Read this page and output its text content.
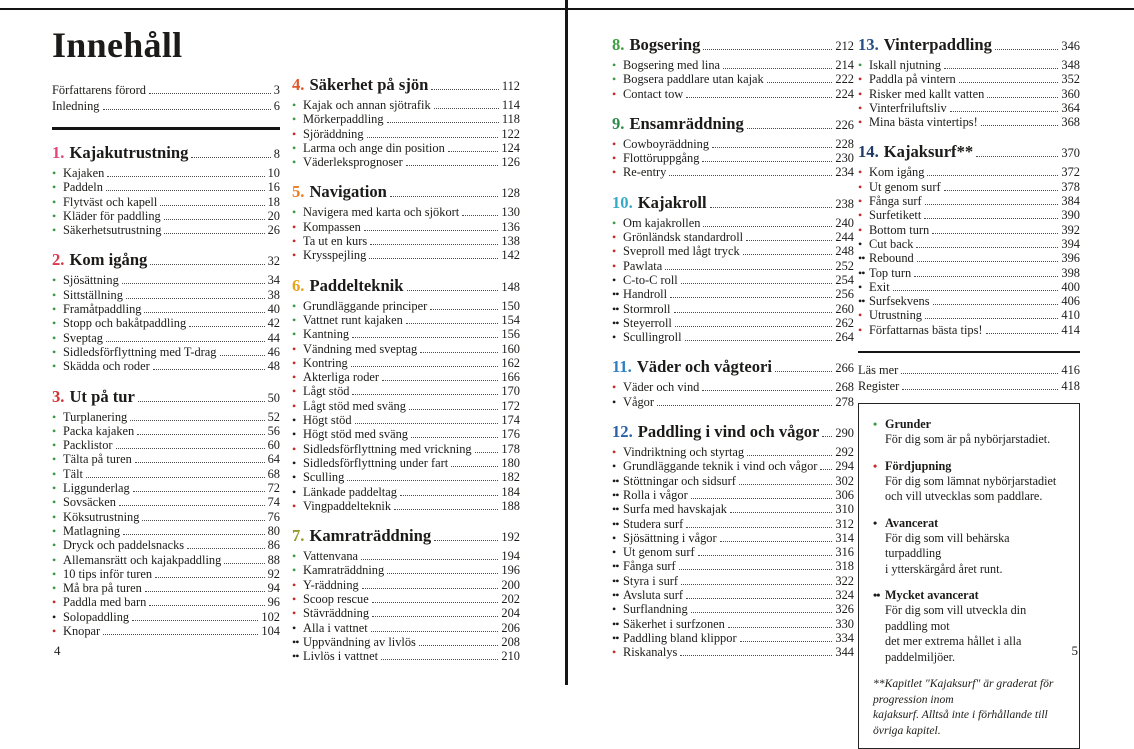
Innehåll
Författarens förord	3
Inledning	6
1. Kajakutrustning	8
• Kajaken	10
• Paddeln	16
• Flytväst och kapell	18
• Kläder för paddling	20
• Säkerhetsutrustning	26
2. Kom igång	32
• Sjösättning	34
• Sittställning	38
• Framåtpaddling	40
• Stopp och bakåtpaddling	42
• Sveptag	44
• Sidledsförflyttning med T-drag	46
• Skädda och roder	48
3. Ut på tur	50
• Turplanering	52
• Packa kajaken	56
• Packlistor	60
• Tälta på turen	64
• Tält	68
• Liggunderlag	72
• Sovsäcken	74
• Köksutrustning	76
• Matlagning	80
• Dryck och paddelsnacks	86
• Allemansrätt och kajakpaddling	88
• 10 tips inför turen	92
• Må bra på turen	94
• Paddla med barn	96
• Solopaddling	102
• Knopar	104
4. Säkerhet på sjön	112
• Kajak och annan sjötrafik	114
• Mörkerpaddling	118
• Sjöräddning	122
• Larma och ange din position	124
• Väderleksprognoser	126
5. Navigation	128
• Navigera med karta och sjökort	130
• Kompassen	136
• Ta ut en kurs	138
• Krysspejling	142
6. Paddelteknik	148
• Grundläggande principer	150
• Vattnet runt kajaken	154
• Kantning	156
• Vändning med sveptag	160
• Kontring	162
• Akterliga roder	166
• Lågt stöd	170
• Lågt stöd med sväng	172
• Högt stöd	174
• Högt stöd med sväng	176
• Sidledsförflyttning med vrickning 178
• Sidledsförflyttning under fart	180
• Sculling	182
• Länkade paddeltag	184
• Vingpaddelteknik	188
7. Kamraträddning	192
• Vattenvana	194
• Kamraträddning	196
• Y-räddning	200
• Scoop rescue	202
• Stävräddning	204
• Alla i vattnet	206
•• Uppvändning av livlös	208
•• Livlös i vattnet	210
8. Bogsering	212
• Bogsering med lina	214
• Bogsera paddlare utan kajak	222
• Contact tow	224
9. Ensamräddning	226
• Cowboyräddning	228
• Flottöruppgång	230
• Re-entry	234
10. Kajakroll	238
• Om kajakrollen	240
• Grönländsk standardroll	244
• Sveproll med lågt tryck	248
• Pawlata	252
• C-to-C roll	254
•• Handroll	256
•• Stormroll	260
•• Steyerroll	262
• Scullingroll	264
11. Väder och vågteori	266
• Väder och vind	268
• Vågor	278
12. Paddling i vind och vågor 290
• Vindriktning och styrtag	292
• Grundläggande teknik i vind och vågor 294
•• Stöttningar och sidsurf	302
•• Rolla i vågor	306
•• Surfa med havskajak	310
•• Studera surf	312
• Sjösättning i vågor	314
• Ut genom surf	316
•• Fånga surf	318
•• Styra i surf	322
•• Avsluta surf	324
• Surflandning	326
•• Säkerhet i surfzonen	330
•• Paddling bland klippor	334
• Riskanalys	344
13. Vinterpaddling	346
• Iskall njutning	348
• Paddla på vintern	352
• Risker med kallt vatten	360
• Vinterfriluftsliv	364
• Mina bästa vintertips!	368
14. Kajaksurf**	370
• Kom igång	372
• Ut genom surf	378
• Fånga surf	384
• Surfetikett	390
• Bottom turn	392
• Cut back	394
•• Rebound	396
•• Top turn	398
• Exit	400
•• Surfsekvens	406
• Utrustning	410
• Författarnas bästa tips!	414
Läs mer	416
Register	418
• Grunder
För dig som är på nybörjarstadiet.
• Fördjupning
För dig som lämnat nybörjarstadiet
och vill utvecklas som paddlare.
• Avancerat
För dig som vill behärska turpaddling
i ytterskärgård året runt.
•• Mycket avancerat
För dig som vill utveckla din paddling mot
det mer extrema hållet i alla paddelmiljöer.
**Kapitlet "Kajaksurf" är graderat för progression inom
kajaksurf. Alltså inte i förhållande till övriga kapitel.
4	5
